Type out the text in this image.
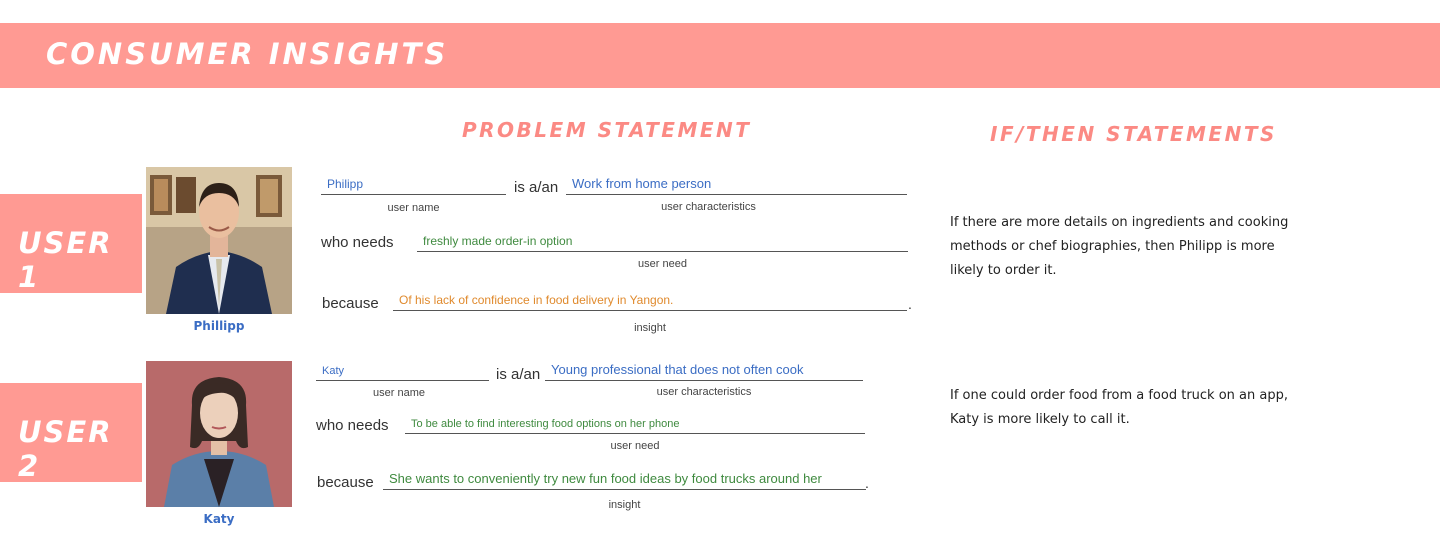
CONSUMER INSIGHTS
PROBLEM STATEMENT	IF/THEN STATEMENTS
USER 1
Phillipp
Philipp	is a/an Work from home person
user name	user characteristics
who needs freshly made order-in option
user need
because Of his lack of confidence in food delivery in Yangon.	.
insight
If there are more details on ingredients and cooking methods or chef biographies, then Philipp is more likely to order it.
USER 2
Katy
Katy	is a/an Young professional that does not often cook
user name	user characteristics
who needs To be able to find interesting food options on her phone
user need
because She wants to conveniently try new fun food ideas by food trucks around her	.
insight
If one could order food from a food truck on an app, Katy is more likely to call it.
